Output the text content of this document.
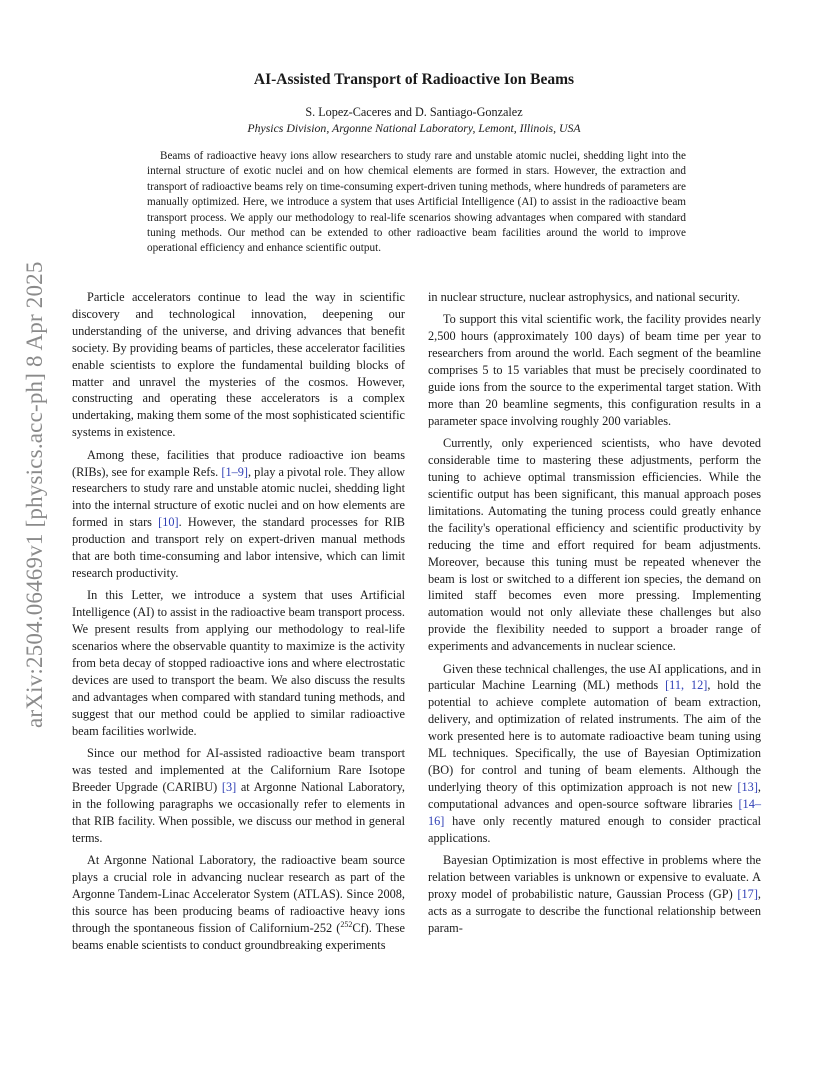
arXiv:2504.06469v1 [physics.acc-ph] 8 Apr 2025
AI-Assisted Transport of Radioactive Ion Beams
S. Lopez-Caceres and D. Santiago-Gonzalez
Physics Division, Argonne National Laboratory, Lemont, Illinois, USA

Beams of radioactive heavy ions allow researchers to study rare and unstable atomic nuclei, shedding light into the internal structure of exotic nuclei and on how chemical elements are formed in stars. However, the extraction and transport of radioactive beams rely on time-consuming expert-driven tuning methods, where hundreds of parameters are manually optimized. Here, we introduce a system that uses Artificial Intelligence (AI) to assist in the radioactive beam transport process. We apply our methodology to real-life scenarios showing advantages when compared with standard tuning methods. Our method can be extended to other radioactive beam facilities around the world to improve operational efficiency and enhance scientific output.

Particle accelerators continue to lead the way in scientific discovery and technological innovation, deepening our understanding of the universe, and driving advances that benefit society. By providing beams of particles, these accelerator facilities enable scientists to explore the fundamental building blocks of matter and unravel the mysteries of the cosmos. However, constructing and operating these accelerators is a complex undertaking, making them some of the most sophisticated scientific systems in existence.

Among these, facilities that produce radioactive ion beams (RIBs), see for example Refs. [1–9], play a pivotal role. They allow researchers to study rare and unstable atomic nuclei, shedding light into the internal structure of exotic nuclei and on how elements are formed in stars [10]. However, the standard processes for RIB production and transport rely on expert-driven manual methods that are both time-consuming and labor intensive, which can limit research productivity.

In this Letter, we introduce a system that uses Artificial Intelligence (AI) to assist in the radioactive beam transport process. We present results from applying our methodology to real-life scenarios where the observable quantity to maximize is the activity from beta decay of stopped radioactive ions and where electrostatic devices are used to transport the beam. We also discuss the results and advantages when compared with standard tuning methods, and suggest that our method could be applied to similar radioactive beam facilities worlwide.

Since our method for AI-assisted radioactive beam transport was tested and implemented at the Californium Rare Isotope Breeder Upgrade (CARIBU) [3] at Argonne National Laboratory, in the following paragraphs we occasionally refer to elements in that RIB facility. When possible, we discuss our method in general terms.

At Argonne National Laboratory, the radioactive beam source plays a crucial role in advancing nuclear research as part of the Argonne Tandem-Linac Accelerator System (ATLAS). Since 2008, this source has been producing beams of radioactive heavy ions through the spontaneous fission of Californium-252 ($^{252}$Cf). These beams enable scientists to conduct groundbreaking experiments

in nuclear structure, nuclear astrophysics, and national security.

To support this vital scientific work, the facility provides nearly 2,500 hours (approximately 100 days) of beam time per year to researchers from around the world. Each segment of the beamline comprises 5 to 15 variables that must be precisely coordinated to guide ions from the source to the experimental target station. With more than 20 beamline segments, this configuration results in a parameter space involving roughly 200 variables.

Currently, only experienced scientists, who have devoted considerable time to mastering these adjustments, perform the tuning to achieve optimal transmission efficiencies. While the scientific output has been significant, this manual approach poses limitations. Automating the tuning process could greatly enhance the facility's operational efficiency and scientific productivity by reducing the time and effort required for beam adjustments. Moreover, because this tuning must be repeated whenever the beam is lost or switched to a different ion species, the demand on limited staff becomes even more pressing. Implementing automation would not only alleviate these challenges but also provide the flexibility needed to support a broader range of experiments and advancements in nuclear science.

Given these technical challenges, the use AI applications, and in particular Machine Learning (ML) methods [11, 12], hold the potential to achieve complete automation of beam extraction, delivery, and optimization of related instruments. The aim of the work presented here is to automate radioactive beam tuning using ML techniques. Specifically, the use of Bayesian Optimization (BO) for control and tuning of beam elements. Although the underlying theory of this optimization approach is not new [13], computational advances and open-source software libraries [14–16] have only recently matured enough to consider practical applications.

Bayesian Optimization is most effective in problems where the relation between variables is unknown or expensive to evaluate. A proxy model of probabilistic nature, Gaussian Process (GP) [17], acts as a surrogate to describe the functional relationship between param-
